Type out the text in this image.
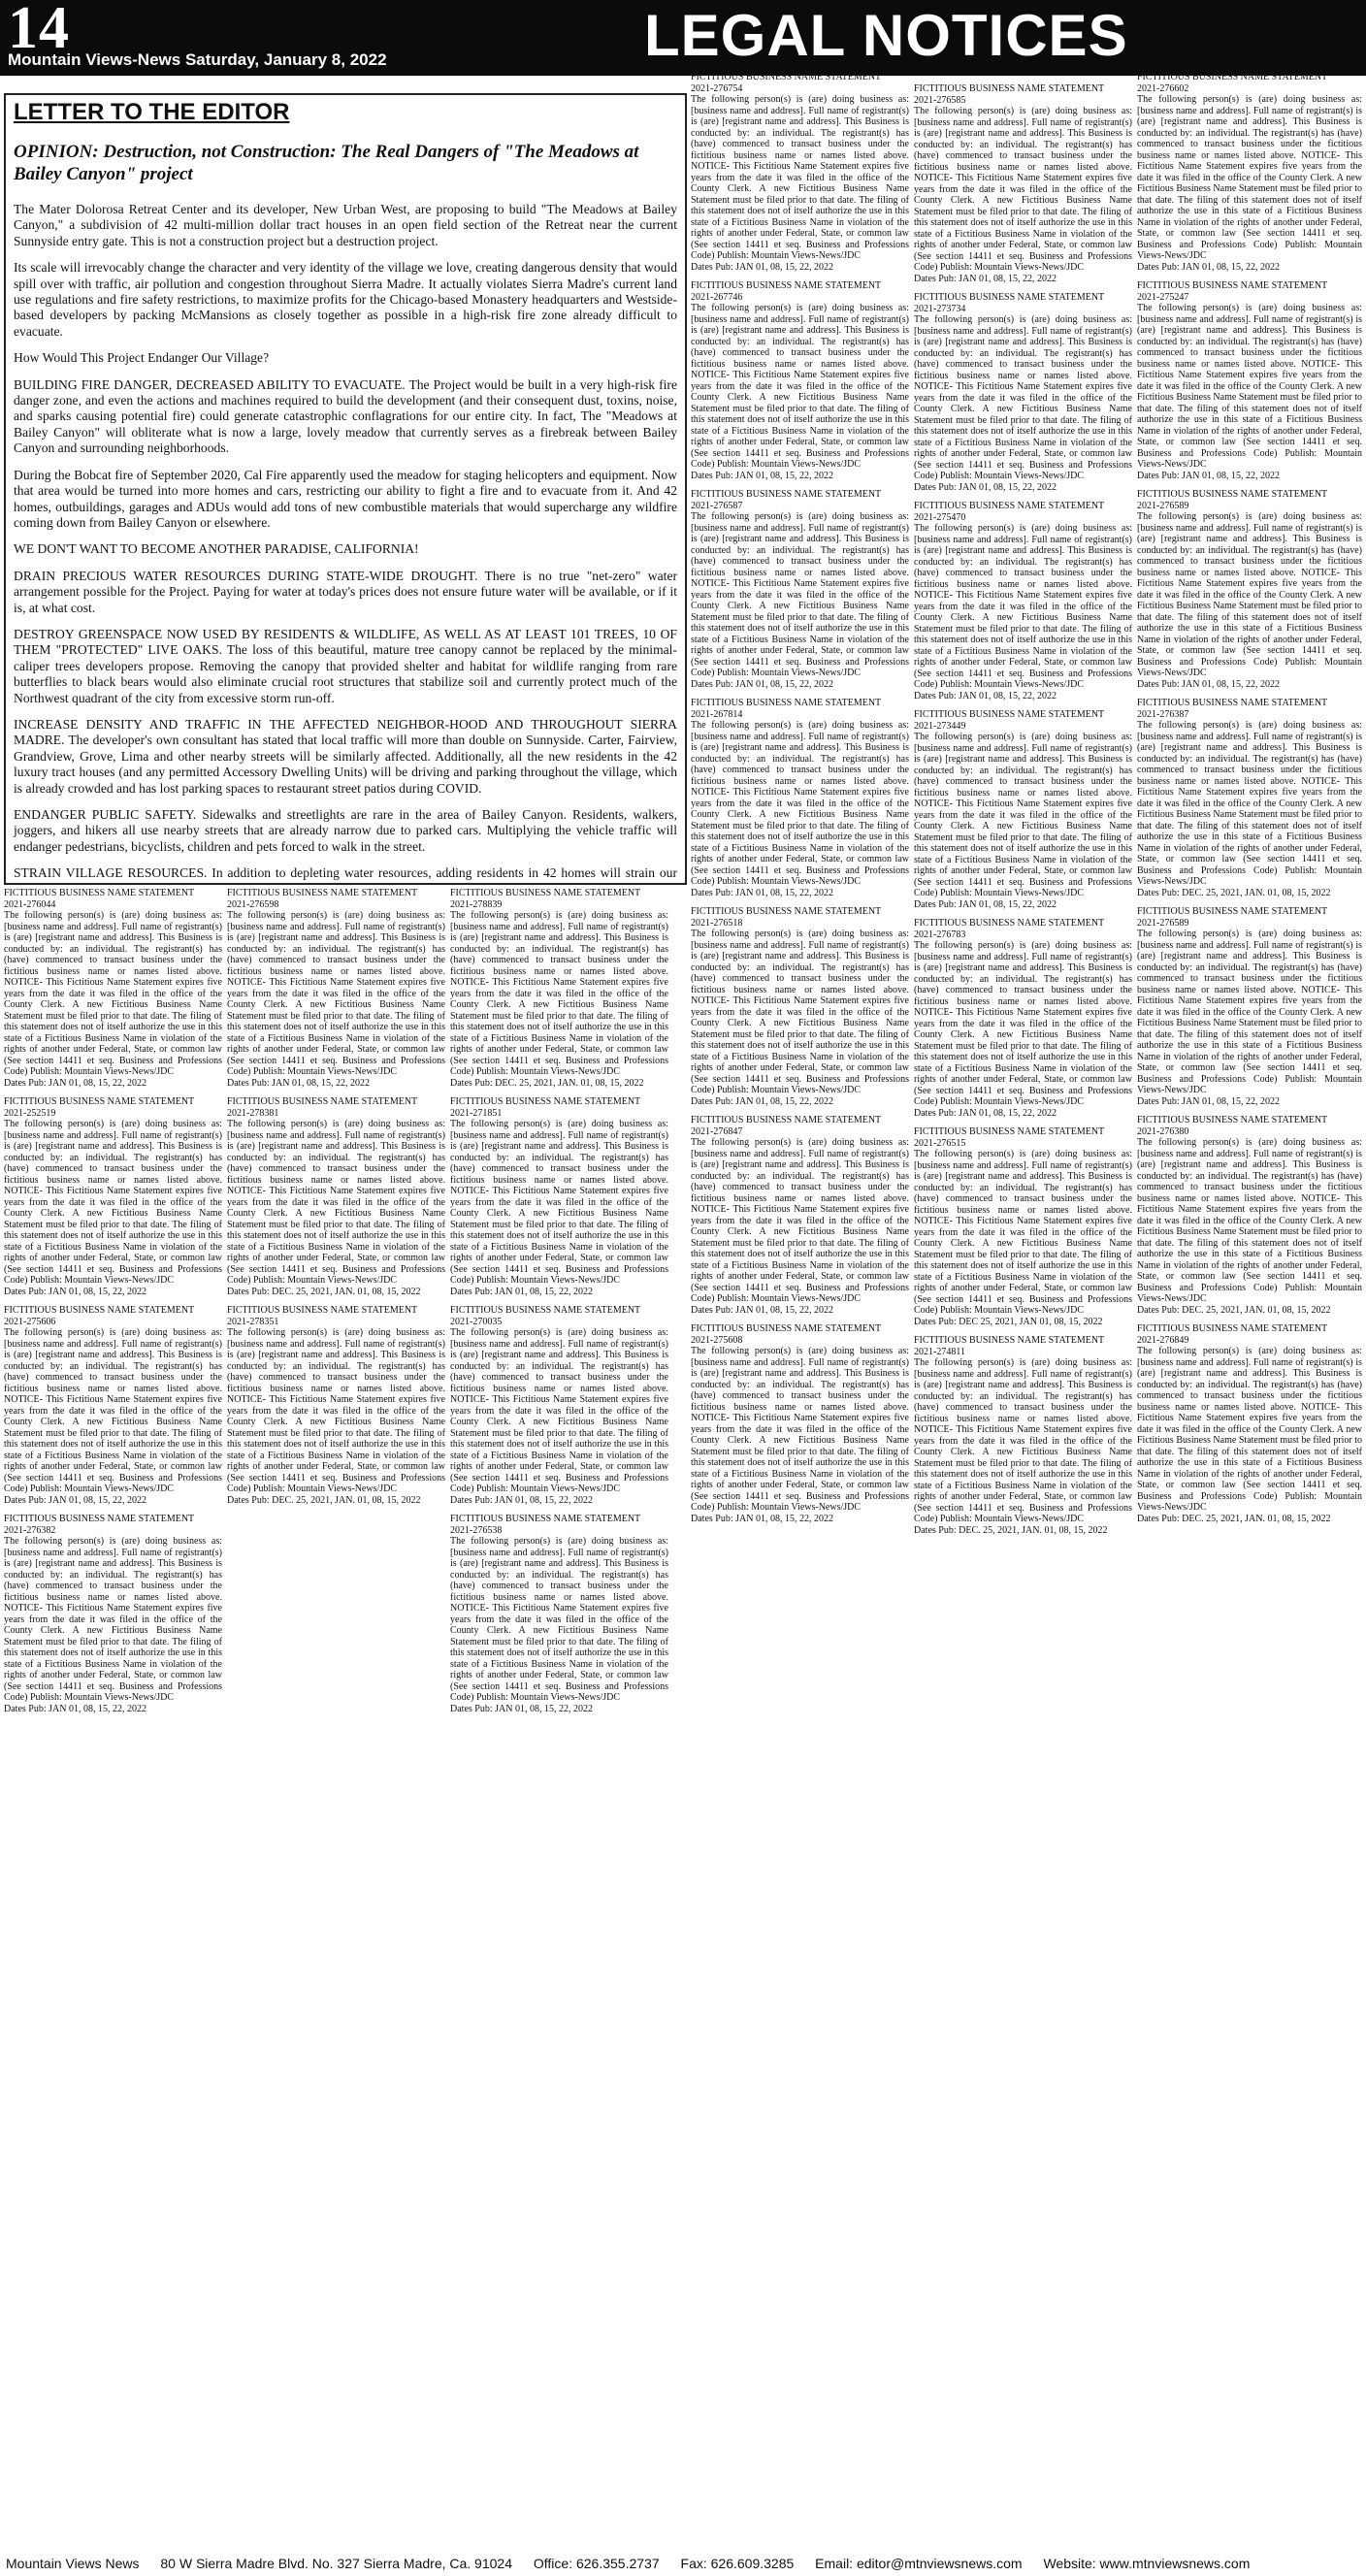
14
Mountain Views-News Saturday, January 8, 2022	LEGAL NOTICES
LETTER TO THE EDITOR
OPINION: Destruction, not Construction: The Real Dangers of "The Meadows at Bailey Canyon" project

The Mater Dolorosa Retreat Center and its developer, New Urban West, are proposing to build "The Meadows at Bailey Canyon," a subdivision of 42 multi-million dollar tract houses in an open field section of the Retreat near the current Sunnyside entry gate. This is not a construction project but a destruction project.

Its scale will irrevocably change the character and very identity of the village we love, creating dangerous density that would spill over with traffic, air pollution and congestion throughout Sierra Madre. It actually violates Sierra Madre's current land use regulations and fire safety restrictions, to maximize profits for the Chicago-based Monastery headquarters and Westside-based developers by packing McMansions as closely together as possible in a high-risk fire zone already difficult to evacuate.

How Would This Project Endanger Our Village?

BUILDING FIRE DANGER, DECREASED ABILITY TO EVACUATE. The Project would be built in a very high-risk fire danger zone, and even the actions and machines required to build the development (and their consequent dust, toxins, noise, and sparks causing potential fire) could generate catastrophic conflagrations for our entire city. In fact, The "Meadows at Bailey Canyon" will obliterate what is now a large, lovely meadow that currently serves as a firebreak between Bailey Canyon and surrounding neighborhoods.

During the Bobcat fire of September 2020, Cal Fire apparently used the meadow for staging helicopters and equipment. Now that area would be turned into more homes and cars, restricting our ability to fight a fire and to evacuate from it. And 42 homes, outbuildings, garages and ADUs would add tons of new combustible materials that would supercharge any wildfire coming down from Bailey Canyon or elsewhere.

WE DON'T WANT TO BECOME ANOTHER PARADISE, CALIFORNIA!

DRAIN PRECIOUS WATER RESOURCES DURING STATE-WIDE DROUGHT. There is no true "net-zero" water arrangement possible for the Project. Paying for water at today's prices does not ensure future water will be available, or if it is, at what cost.

DESTROY GREENSPACE NOW USED BY RESIDENTS & WILDLIFE, AS WELL AS AT LEAST 101 TREES, 10 OF THEM "PROTECTED" LIVE OAKS. The loss of this beautiful, mature tree canopy cannot be replaced by the minimal-caliper trees developers propose. Removing the canopy that provided shelter and habitat for wildlife ranging from rare butterflies to black bears would also eliminate crucial root structures that stabilize soil and currently protect much of the Northwest quadrant of the city from excessive storm run-off.

INCREASE DENSITY AND TRAFFIC IN THE AFFECTED NEIGHBOR-HOOD AND THROUGHOUT SIERRA MADRE. The developer's own consultant has stated that local traffic will more than double on Sunnyside. Carter, Fairview, Grandview, Grove, Lima and other nearby streets will be similarly affected. Additionally, all the new residents in the 42 luxury tract houses (and any permitted Accessory Dwelling Units) will be driving and parking throughout the village, which is already crowded and has lost parking spaces to restaurant street patios during COVID.

ENDANGER PUBLIC SAFETY. Sidewalks and streetlights are rare in the area of Bailey Canyon. Residents, walkers, joggers, and hikers all use nearby streets that are already narrow due to parked cars. Multiplying the vehicle traffic will endanger pedestrians, bicyclists, children and pets forced to walk in the street.

STRAIN VILLAGE RESOURCES. In addition to depleting water resources, adding residents in 42 homes will strain our

FICTITIOUS BUSINESS NAME STATEMENT
2021-276754
The following person(s) is (are) doing business as: [business name and address]. Full name of registrant(s) is (are) [registrant name and address]. This Business is conducted by: an individual. The registrant(s) has (have) commenced to transact business under the fictitious business name or names listed above. NOTICE- This Fictitious Name Statement expires five years from the date it was filed in the office of the County Clerk. A new Fictitious Business Name Statement must be filed prior to that date. The filing of this statement does not of itself authorize the use in this state of a Fictitious Business Name in violation of the rights of another under Federal, State, or common law (See section 14411 et seq. Business and Professions Code) Publish: Mountain Views-News/JDC
Dates Pub: JAN 01, 08, 15, 22, 2022
FICTITIOUS BUSINESS NAME STATEMENT
2021-267746
The following person(s) is (are) doing business as: [business name and address]. Full name of registrant(s) is (are) [registrant name and address]. This Business is conducted by: an individual. The registrant(s) has (have) commenced to transact business under the fictitious business name or names listed above. NOTICE- This Fictitious Name Statement expires five years from the date it was filed in the office of the County Clerk. A new Fictitious Business Name Statement must be filed prior to that date. The filing of this statement does not of itself authorize the use in this state of a Fictitious Business Name in violation of the rights of another under Federal, State, or common law (See section 14411 et seq. Business and Professions Code) Publish: Mountain Views-News/JDC
Dates Pub: JAN 01, 08, 15, 22, 2022
FICTITIOUS BUSINESS NAME STATEMENT
2021-276587
The following person(s) is (are) doing business as: [business name and address]. Full name of registrant(s) is (are) [registrant name and address]. This Business is conducted by: an individual. The registrant(s) has (have) commenced to transact business under the fictitious business name or names listed above. NOTICE- This Fictitious Name Statement expires five years from the date it was filed in the office of the County Clerk. A new Fictitious Business Name Statement must be filed prior to that date. The filing of this statement does not of itself authorize the use in this state of a Fictitious Business Name in violation of the rights of another under Federal, State, or common law (See section 14411 et seq. Business and Professions Code) Publish: Mountain Views-News/JDC
Dates Pub: JAN 01, 08, 15, 22, 2022
FICTITIOUS BUSINESS NAME STATEMENT
2021-267814
The following person(s) is (are) doing business as: [business name and address]. Full name of registrant(s) is (are) [registrant name and address]. This Business is conducted by: an individual. The registrant(s) has (have) commenced to transact business under the fictitious business name or names listed above. NOTICE- This Fictitious Name Statement expires five years from the date it was filed in the office of the County Clerk. A new Fictitious Business Name Statement must be filed prior to that date. The filing of this statement does not of itself authorize the use in this state of a Fictitious Business Name in violation of the rights of another under Federal, State, or common law (See section 14411 et seq. Business and Professions Code) Publish: Mountain Views-News/JDC
Dates Pub: JAN 01, 08, 15, 22, 2022
FICTITIOUS BUSINESS NAME STATEMENT
2021-276518
The following person(s) is (are) doing business as: [business name and address]. Full name of registrant(s) is (are) [registrant name and address]. This Business is conducted by: an individual. The registrant(s) has (have) commenced to transact business under the fictitious business name or names listed above. NOTICE- This Fictitious Name Statement expires five years from the date it was filed in the office of the County Clerk. A new Fictitious Business Name Statement must be filed prior to that date. The filing of this statement does not of itself authorize the use in this state of a Fictitious Business Name in violation of the rights of another under Federal, State, or common law (See section 14411 et seq. Business and Professions Code) Publish: Mountain Views-News/JDC
Dates Pub: JAN 01, 08, 15, 22, 2022
FICTITIOUS BUSINESS NAME STATEMENT
2021-276847
The following person(s) is (are) doing business as: [business name and address]. Full name of registrant(s) is (are) [registrant name and address]. This Business is conducted by: an individual. The registrant(s) has (have) commenced to transact business under the fictitious business name or names listed above. NOTICE- This Fictitious Name Statement expires five years from the date it was filed in the office of the County Clerk. A new Fictitious Business Name Statement must be filed prior to that date. The filing of this statement does not of itself authorize the use in this state of a Fictitious Business Name in violation of the rights of another under Federal, State, or common law (See section 14411 et seq. Business and Professions Code) Publish: Mountain Views-News/JDC
Dates Pub: JAN 01, 08, 15, 22, 2022
FICTITIOUS BUSINESS NAME STATEMENT
2021-275608
The following person(s) is (are) doing business as: [business name and address]. Full name of registrant(s) is (are) [registrant name and address]. This Business is conducted by: an individual. The registrant(s) has (have) commenced to transact business under the fictitious business name or names listed above. NOTICE- This Fictitious Name Statement expires five years from the date it was filed in the office of the County Clerk. A new Fictitious Business Name Statement must be filed prior to that date. The filing of this statement does not of itself authorize the use in this state of a Fictitious Business Name in violation of the rights of another under Federal, State, or common law (See section 14411 et seq. Business and Professions Code) Publish: Mountain Views-News/JDC
Dates Pub: JAN 01, 08, 15, 22, 2022
FICTITIOUS BUSINESS NAME STATEMENT
2021-276585
The following person(s) is (are) doing business as: [business name and address]. Full name of registrant(s) is (are) [registrant name and address]. This Business is conducted by: an individual. The registrant(s) has (have) commenced to transact business under the fictitious business name or names listed above. NOTICE- This Fictitious Name Statement expires five years from the date it was filed in the office of the County Clerk. A new Fictitious Business Name Statement must be filed prior to that date. The filing of this statement does not of itself authorize the use in this state of a Fictitious Business Name in violation of the rights of another under Federal, State, or common law (See section 14411 et seq. Business and Professions Code) Publish: Mountain Views-News/JDC
Dates Pub: JAN 01, 08, 15, 22, 2022
FICTITIOUS BUSINESS NAME STATEMENT
2021-273734
The following person(s) is (are) doing business as: [business name and address]. Full name of registrant(s) is (are) [registrant name and address]. This Business is conducted by: an individual. The registrant(s) has (have) commenced to transact business under the fictitious business name or names listed above. NOTICE- This Fictitious Name Statement expires five years from the date it was filed in the office of the County Clerk. A new Fictitious Business Name Statement must be filed prior to that date. The filing of this statement does not of itself authorize the use in this state of a Fictitious Business Name in violation of the rights of another under Federal, State, or common law (See section 14411 et seq. Business and Professions Code) Publish: Mountain Views-News/JDC
Dates Pub: JAN 01, 08, 15, 22, 2022
FICTITIOUS BUSINESS NAME STATEMENT
2021-275470
The following person(s) is (are) doing business as: [business name and address]. Full name of registrant(s) is (are) [registrant name and address]. This Business is conducted by: an individual. The registrant(s) has (have) commenced to transact business under the fictitious business name or names listed above. NOTICE- This Fictitious Name Statement expires five years from the date it was filed in the office of the County Clerk. A new Fictitious Business Name Statement must be filed prior to that date. The filing of this statement does not of itself authorize the use in this state of a Fictitious Business Name in violation of the rights of another under Federal, State, or common law (See section 14411 et seq. Business and Professions Code) Publish: Mountain Views-News/JDC
Dates Pub: JAN 01, 08, 15, 22, 2022
FICTITIOUS BUSINESS NAME STATEMENT
2021-273449
The following person(s) is (are) doing business as: [business name and address]. Full name of registrant(s) is (are) [registrant name and address]. This Business is conducted by: an individual. The registrant(s) has (have) commenced to transact business under the fictitious business name or names listed above. NOTICE- This Fictitious Name Statement expires five years from the date it was filed in the office of the County Clerk. A new Fictitious Business Name Statement must be filed prior to that date. The filing of this statement does not of itself authorize the use in this state of a Fictitious Business Name in violation of the rights of another under Federal, State, or common law (See section 14411 et seq. Business and Professions Code) Publish: Mountain Views-News/JDC
Dates Pub: JAN 01, 08, 15, 22, 2022
FICTITIOUS BUSINESS NAME STATEMENT
2021-276783
The following person(s) is (are) doing business as: [business name and address]. Full name of registrant(s) is (are) [registrant name and address]. This Business is conducted by: an individual. The registrant(s) has (have) commenced to transact business under the fictitious business name or names listed above. NOTICE- This Fictitious Name Statement expires five years from the date it was filed in the office of the County Clerk. A new Fictitious Business Name Statement must be filed prior to that date. The filing of this statement does not of itself authorize the use in this state of a Fictitious Business Name in violation of the rights of another under Federal, State, or common law (See section 14411 et seq. Business and Professions Code) Publish: Mountain Views-News/JDC
Dates Pub: JAN 01, 08, 15, 22, 2022
FICTITIOUS BUSINESS NAME STATEMENT
2021-276515
The following person(s) is (are) doing business as: [business name and address]. Full name of registrant(s) is (are) [registrant name and address]. This Business is conducted by: an individual. The registrant(s) has (have) commenced to transact business under the fictitious business name or names listed above. NOTICE- This Fictitious Name Statement expires five years from the date it was filed in the office of the County Clerk. A new Fictitious Business Name Statement must be filed prior to that date. The filing of this statement does not of itself authorize the use in this state of a Fictitious Business Name in violation of the rights of another under Federal, State, or common law (See section 14411 et seq. Business and Professions Code) Publish: Mountain Views-News/JDC
Dates Pub: DEC 25, 2021, JAN 01, 08, 15, 2022
FICTITIOUS BUSINESS NAME STATEMENT
2021-274811
The following person(s) is (are) doing business as: [business name and address]. Full name of registrant(s) is (are) [registrant name and address]. This Business is conducted by: an individual. The registrant(s) has (have) commenced to transact business under the fictitious business name or names listed above. NOTICE- This Fictitious Name Statement expires five years from the date it was filed in the office of the County Clerk. A new Fictitious Business Name Statement must be filed prior to that date. The filing of this statement does not of itself authorize the use in this state of a Fictitious Business Name in violation of the rights of another under Federal, State, or common law (See section 14411 et seq. Business and Professions Code) Publish: Mountain Views-News/JDC
Dates Pub: DEC. 25, 2021, JAN. 01, 08, 15, 2022
FICTITIOUS BUSINESS NAME STATEMENT
2021-276602
The following person(s) is (are) doing business as: [business name and address]. Full name of registrant(s) is (are) [registrant name and address]. This Business is conducted by: an individual. The registrant(s) has (have) commenced to transact business under the fictitious business name or names listed above. NOTICE- This Fictitious Name Statement expires five years from the date it was filed in the office of the County Clerk. A new Fictitious Business Name Statement must be filed prior to that date. The filing of this statement does not of itself authorize the use in this state of a Fictitious Business Name in violation of the rights of another under Federal, State, or common law (See section 14411 et seq. Business and Professions Code) Publish: Mountain Views-News/JDC
Dates Pub: JAN 01, 08, 15, 22, 2022
FICTITIOUS BUSINESS NAME STATEMENT
2021-275247
The following person(s) is (are) doing business as: [business name and address]. Full name of registrant(s) is (are) [registrant name and address]. This Business is conducted by: an individual. The registrant(s) has (have) commenced to transact business under the fictitious business name or names listed above. NOTICE- This Fictitious Name Statement expires five years from the date it was filed in the office of the County Clerk. A new Fictitious Business Name Statement must be filed prior to that date. The filing of this statement does not of itself authorize the use in this state of a Fictitious Business Name in violation of the rights of another under Federal, State, or common law (See section 14411 et seq. Business and Professions Code) Publish: Mountain Views-News/JDC
Dates Pub: JAN 01, 08, 15, 22, 2022
FICTITIOUS BUSINESS NAME STATEMENT
2021-276589
The following person(s) is (are) doing business as: [business name and address]. Full name of registrant(s) is (are) [registrant name and address]. This Business is conducted by: an individual. The registrant(s) has (have) commenced to transact business under the fictitious business name or names listed above. NOTICE- This Fictitious Name Statement expires five years from the date it was filed in the office of the County Clerk. A new Fictitious Business Name Statement must be filed prior to that date. The filing of this statement does not of itself authorize the use in this state of a Fictitious Business Name in violation of the rights of another under Federal, State, or common law (See section 14411 et seq. Business and Professions Code) Publish: Mountain Views-News/JDC
Dates Pub: JAN 01, 08, 15, 22, 2022
FICTITIOUS BUSINESS NAME STATEMENT
2021-276387
The following person(s) is (are) doing business as: [business name and address]. Full name of registrant(s) is (are) [registrant name and address]. This Business is conducted by: an individual. The registrant(s) has (have) commenced to transact business under the fictitious business name or names listed above. NOTICE- This Fictitious Name Statement expires five years from the date it was filed in the office of the County Clerk. A new Fictitious Business Name Statement must be filed prior to that date. The filing of this statement does not of itself authorize the use in this state of a Fictitious Business Name in violation of the rights of another under Federal, State, or common law (See section 14411 et seq. Business and Professions Code) Publish: Mountain Views-News/JDC
Dates Pub: DEC. 25, 2021, JAN. 01, 08, 15, 2022
FICTITIOUS BUSINESS NAME STATEMENT
2021-276589
The following person(s) is (are) doing business as: [business name and address]. Full name of registrant(s) is (are) [registrant name and address]. This Business is conducted by: an individual. The registrant(s) has (have) commenced to transact business under the fictitious business name or names listed above. NOTICE- This Fictitious Name Statement expires five years from the date it was filed in the office of the County Clerk. A new Fictitious Business Name Statement must be filed prior to that date. The filing of this statement does not of itself authorize the use in this state of a Fictitious Business Name in violation of the rights of another under Federal, State, or common law (See section 14411 et seq. Business and Professions Code) Publish: Mountain Views-News/JDC
Dates Pub: JAN 01, 08, 15, 22, 2022
FICTITIOUS BUSINESS NAME STATEMENT
2021-276380
The following person(s) is (are) doing business as: [business name and address]. Full name of registrant(s) is (are) [registrant name and address]. This Business is conducted by: an individual. The registrant(s) has (have) commenced to transact business under the fictitious business name or names listed above. NOTICE- This Fictitious Name Statement expires five years from the date it was filed in the office of the County Clerk. A new Fictitious Business Name Statement must be filed prior to that date. The filing of this statement does not of itself authorize the use in this state of a Fictitious Business Name in violation of the rights of another under Federal, State, or common law (See section 14411 et seq. Business and Professions Code) Publish: Mountain Views-News/JDC
Dates Pub: DEC. 25, 2021, JAN. 01, 08, 15, 2022
FICTITIOUS BUSINESS NAME STATEMENT
2021-276849
The following person(s) is (are) doing business as: [business name and address]. Full name of registrant(s) is (are) [registrant name and address]. This Business is conducted by: an individual. The registrant(s) has (have) commenced to transact business under the fictitious business name or names listed above. NOTICE- This Fictitious Name Statement expires five years from the date it was filed in the office of the County Clerk. A new Fictitious Business Name Statement must be filed prior to that date. The filing of this statement does not of itself authorize the use in this state of a Fictitious Business Name in violation of the rights of another under Federal, State, or common law (See section 14411 et seq. Business and Professions Code) Publish: Mountain Views-News/JDC
Dates Pub: DEC. 25, 2021, JAN. 01, 08, 15, 2022
FICTITIOUS BUSINESS NAME STATEMENT
2021-276044
The following person(s) is (are) doing business as: [business name and address]. Full name of registrant(s) is (are) [registrant name and address]. This Business is conducted by: an individual. The registrant(s) has (have) commenced to transact business under the fictitious business name or names listed above. NOTICE- This Fictitious Name Statement expires five years from the date it was filed in the office of the County Clerk. A new Fictitious Business Name Statement must be filed prior to that date. The filing of this statement does not of itself authorize the use in this state of a Fictitious Business Name in violation of the rights of another under Federal, State, or common law (See section 14411 et seq. Business and Professions Code) Publish: Mountain Views-News/JDC
Dates Pub: JAN 01, 08, 15, 22, 2022
FICTITIOUS BUSINESS NAME STATEMENT
2021-252519
The following person(s) is (are) doing business as: [business name and address]. Full name of registrant(s) is (are) [registrant name and address]. This Business is conducted by: an individual. The registrant(s) has (have) commenced to transact business under the fictitious business name or names listed above. NOTICE- This Fictitious Name Statement expires five years from the date it was filed in the office of the County Clerk. A new Fictitious Business Name Statement must be filed prior to that date. The filing of this statement does not of itself authorize the use in this state of a Fictitious Business Name in violation of the rights of another under Federal, State, or common law (See section 14411 et seq. Business and Professions Code) Publish: Mountain Views-News/JDC
Dates Pub: JAN 01, 08, 15, 22, 2022
FICTITIOUS BUSINESS NAME STATEMENT
2021-275606
The following person(s) is (are) doing business as: [business name and address]. Full name of registrant(s) is (are) [registrant name and address]. This Business is conducted by: an individual. The registrant(s) has (have) commenced to transact business under the fictitious business name or names listed above. NOTICE- This Fictitious Name Statement expires five years from the date it was filed in the office of the County Clerk. A new Fictitious Business Name Statement must be filed prior to that date. The filing of this statement does not of itself authorize the use in this state of a Fictitious Business Name in violation of the rights of another under Federal, State, or common law (See section 14411 et seq. Business and Professions Code) Publish: Mountain Views-News/JDC
Dates Pub: JAN 01, 08, 15, 22, 2022
FICTITIOUS BUSINESS NAME STATEMENT
2021-276382
The following person(s) is (are) doing business as: [business name and address]. Full name of registrant(s) is (are) [registrant name and address]. This Business is conducted by: an individual. The registrant(s) has (have) commenced to transact business under the fictitious business name or names listed above. NOTICE- This Fictitious Name Statement expires five years from the date it was filed in the office of the County Clerk. A new Fictitious Business Name Statement must be filed prior to that date. The filing of this statement does not of itself authorize the use in this state of a Fictitious Business Name in violation of the rights of another under Federal, State, or common law (See section 14411 et seq. Business and Professions Code) Publish: Mountain Views-News/JDC
Dates Pub: JAN 01, 08, 15, 22, 2022
FICTITIOUS BUSINESS NAME STATEMENT
2021-276598
The following person(s) is (are) doing business as: [business name and address]. Full name of registrant(s) is (are) [registrant name and address]. This Business is conducted by: an individual. The registrant(s) has (have) commenced to transact business under the fictitious business name or names listed above. NOTICE- This Fictitious Name Statement expires five years from the date it was filed in the office of the County Clerk. A new Fictitious Business Name Statement must be filed prior to that date. The filing of this statement does not of itself authorize the use in this state of a Fictitious Business Name in violation of the rights of another under Federal, State, or common law (See section 14411 et seq. Business and Professions Code) Publish: Mountain Views-News/JDC
Dates Pub: JAN 01, 08, 15, 22, 2022
FICTITIOUS BUSINESS NAME STATEMENT
2021-278381
The following person(s) is (are) doing business as: [business name and address]. Full name of registrant(s) is (are) [registrant name and address]. This Business is conducted by: an individual. The registrant(s) has (have) commenced to transact business under the fictitious business name or names listed above. NOTICE- This Fictitious Name Statement expires five years from the date it was filed in the office of the County Clerk. A new Fictitious Business Name Statement must be filed prior to that date. The filing of this statement does not of itself authorize the use in this state of a Fictitious Business Name in violation of the rights of another under Federal, State, or common law (See section 14411 et seq. Business and Professions Code) Publish: Mountain Views-News/JDC
Dates Pub: DEC. 25, 2021, JAN. 01, 08, 15, 2022
FICTITIOUS BUSINESS NAME STATEMENT
2021-278351
The following person(s) is (are) doing business as: [business name and address]. Full name of registrant(s) is (are) [registrant name and address]. This Business is conducted by: an individual. The registrant(s) has (have) commenced to transact business under the fictitious business name or names listed above. NOTICE- This Fictitious Name Statement expires five years from the date it was filed in the office of the County Clerk. A new Fictitious Business Name Statement must be filed prior to that date. The filing of this statement does not of itself authorize the use in this state of a Fictitious Business Name in violation of the rights of another under Federal, State, or common law (See section 14411 et seq. Business and Professions Code) Publish: Mountain Views-News/JDC
Dates Pub: DEC. 25, 2021, JAN. 01, 08, 15, 2022
FICTITIOUS BUSINESS NAME STATEMENT
2021-278839
The following person(s) is (are) doing business as: [business name and address]. Full name of registrant(s) is (are) [registrant name and address]. This Business is conducted by: an individual. The registrant(s) has (have) commenced to transact business under the fictitious business name or names listed above. NOTICE- This Fictitious Name Statement expires five years from the date it was filed in the office of the County Clerk. A new Fictitious Business Name Statement must be filed prior to that date. The filing of this statement does not of itself authorize the use in this state of a Fictitious Business Name in violation of the rights of another under Federal, State, or common law (See section 14411 et seq. Business and Professions Code) Publish: Mountain Views-News/JDC
Dates Pub: DEC. 25, 2021, JAN. 01, 08, 15, 2022
FICTITIOUS BUSINESS NAME STATEMENT
2021-271851
The following person(s) is (are) doing business as: [business name and address]. Full name of registrant(s) is (are) [registrant name and address]. This Business is conducted by: an individual. The registrant(s) has (have) commenced to transact business under the fictitious business name or names listed above. NOTICE- This Fictitious Name Statement expires five years from the date it was filed in the office of the County Clerk. A new Fictitious Business Name Statement must be filed prior to that date. The filing of this statement does not of itself authorize the use in this state of a Fictitious Business Name in violation of the rights of another under Federal, State, or common law (See section 14411 et seq. Business and Professions Code) Publish: Mountain Views-News/JDC
Dates Pub: JAN 01, 08, 15, 22, 2022
FICTITIOUS BUSINESS NAME STATEMENT
2021-270035
The following person(s) is (are) doing business as: [business name and address]. Full name of registrant(s) is (are) [registrant name and address]. This Business is conducted by: an individual. The registrant(s) has (have) commenced to transact business under the fictitious business name or names listed above. NOTICE- This Fictitious Name Statement expires five years from the date it was filed in the office of the County Clerk. A new Fictitious Business Name Statement must be filed prior to that date. The filing of this statement does not of itself authorize the use in this state of a Fictitious Business Name in violation of the rights of another under Federal, State, or common law (See section 14411 et seq. Business and Professions Code) Publish: Mountain Views-News/JDC
Dates Pub: JAN 01, 08, 15, 22, 2022
FICTITIOUS BUSINESS NAME STATEMENT
2021-276538
The following person(s) is (are) doing business as: [business name and address]. Full name of registrant(s) is (are) [registrant name and address]. This Business is conducted by: an individual. The registrant(s) has (have) commenced to transact business under the fictitious business name or names listed above. NOTICE- This Fictitious Name Statement expires five years from the date it was filed in the office of the County Clerk. A new Fictitious Business Name Statement must be filed prior to that date. The filing of this statement does not of itself authorize the use in this state of a Fictitious Business Name in violation of the rights of another under Federal, State, or common law (See section 14411 et seq. Business and Professions Code) Publish: Mountain Views-News/JDC
Dates Pub: JAN 01, 08, 15, 22, 2022
Mountain Views News 80 W Sierra Madre Blvd. No. 327 Sierra Madre, Ca. 91024 Office: 626.355.2737 Fax: 626.609.3285 Email: editor@mtnviewsnews.com Website: www.mtnviewsnews.com
